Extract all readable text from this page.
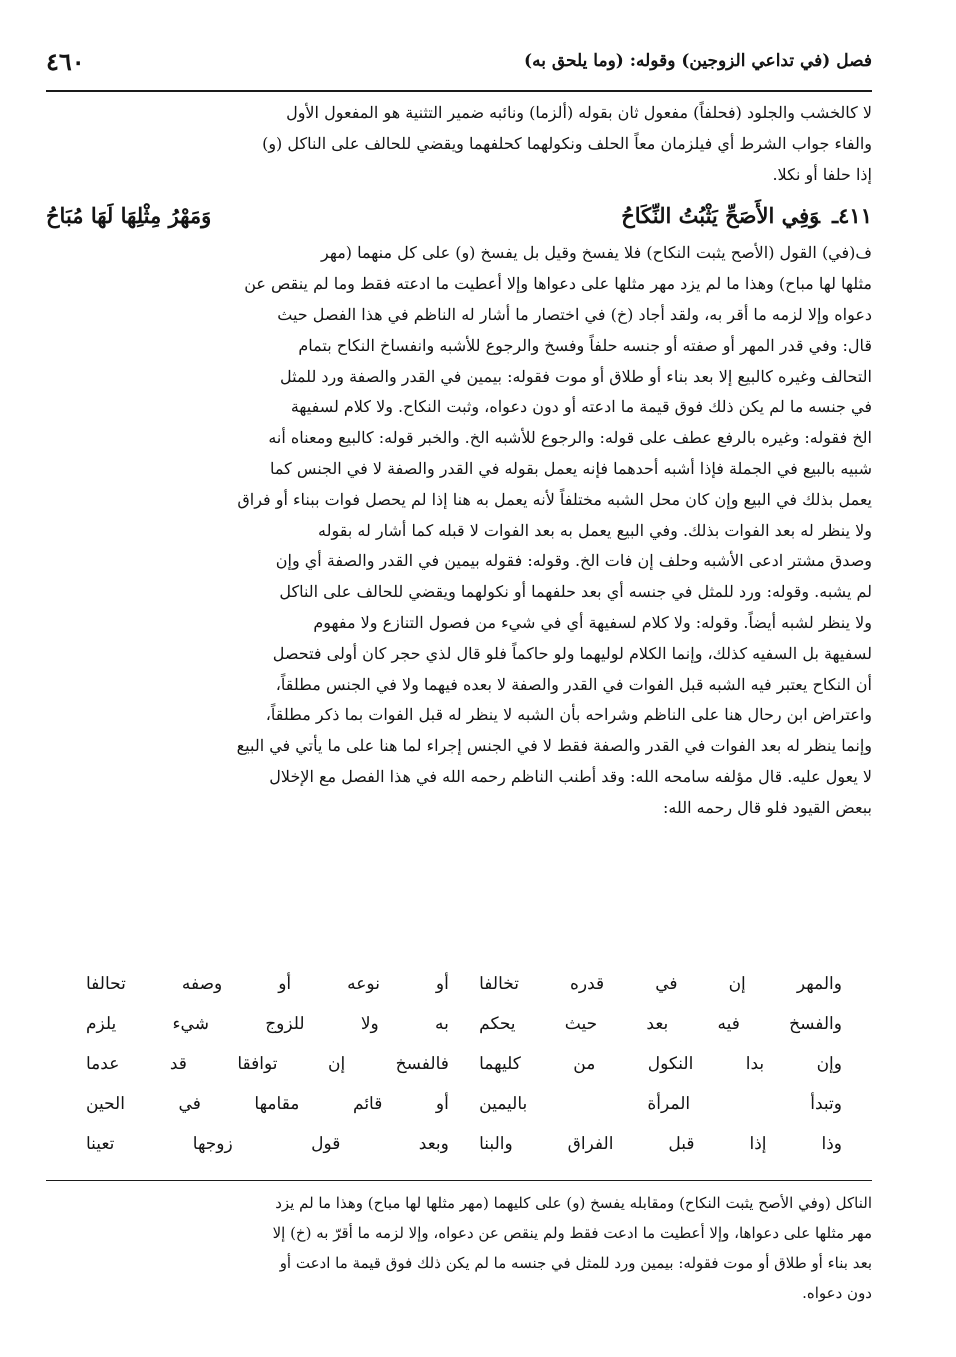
فصل (في تداعي الزوجين) وقوله: (وما يلحق به)
٤٦٠

لا كالخشب والجلود (فحلفاً) مفعول ثان بقوله (ألزما) ونائبه ضمير التثنية هو المفعول الأول

والفاء جواب الشرط أي فيلزمان معاً الحلف ونكولهما كحلفهما ويقضي للحالف على الناكل (و)

إذا حلفا أو نكلا.

٤١١ـوَفِي الأَصَحِّ يَثْبُتُ النِّكَاحُ
وَمَهْرُ مِثْلِهَا لَهَا مُبَاحُ

ف(في) القول (الأصح يثبت النكاح) فلا يفسخ وقيل بل يفسخ (و) على كل منهما (مهر

مثلها لها مباح) وهذا ما لم يزد مهر مثلها على دعواها وإلا أعطيت ما ادعته فقط وما لم ينقص عن

دعواه وإلا لزمه ما أقر به، ولقد أجاد (خ) في اختصار ما أشار له الناظم في هذا الفصل حيث

قال: وفي قدر المهر أو صفته أو جنسه حلفاً وفسخ والرجوع للأشبه وانفساخ النكاح بتمام

التحالف وغيره كالبيع إلا بعد بناء أو طلاق أو موت فقوله: بيمين في القدر والصفة ورد للمثل

في جنسه ما لم يكن ذلك فوق قيمة ما ادعته أو دون دعواه، وثبت النكاح. ولا كلام لسفيهة

الخ فقوله: وغيره بالرفع عطف على قوله: والرجوع للأشبه الخ. والخبر قوله: كالبيع ومعناه أنه

شبيه بالبيع في الجملة فإذا أشبه أحدهما فإنه يعمل بقوله في القدر والصفة لا في الجنس كما

يعمل بذلك في البيع وإن كان محل الشبه مختلفاً لأنه يعمل به هنا إذا لم يحصل فوات ببناء أو فراق

ولا ينظر له بعد الفوات بذلك. وفي البيع يعمل به بعد الفوات لا قبله كما أشار له بقوله

وصدق مشتر ادعى الأشبه وحلف إن فات الخ. وقوله: فقوله بيمين في القدر والصفة أي وإن

لم يشبه. وقوله: ورد للمثل في جنسه أي بعد حلفهما أو نكولهما ويقضي للحالف على الناكل

ولا ينظر لشبه أيضاً. وقوله: ولا كلام لسفيهة أي في شيء من فصول التنازع ولا مفهوم

لسفيهة بل السفيه كذلك، وإنما الكلام لوليهما ولو حاكماً فلو قال لذي حجر كان أولى فتحصل

أن النكاح يعتبر فيه الشبه قبل الفوات في القدر والصفة لا بعده فيهما ولا في الجنس مطلقاً،

واعتراض ابن رحال هنا على الناظم وشراحه بأن الشبه لا ينظر له قبل الفوات بما ذكر مطلقاً،

وإنما ينظر له بعد الفوات في القدر والصفة فقط لا في الجنس إجراء لما هنا على ما يأتي في البيع

لا يعول عليه. قال مؤلفه سامحه الله: وقد أطنب الناظم رحمه الله في هذا الفصل مع الإخلال

ببعض القيود فلو قال رحمه الله:

والمهر إن في قدره تخالفا
أو نوعه أو وصفه تحالفا
والفسخ فيه بعد حيث يحكم
به ولا للزوج شيء يلزم
وإن بدا النكول من كليهما
فالفسخ إن توافقا قد عدما
وتبدأ المرأة باليمين
أو قائم مقامها في الحين
وذا إذا قبل الفراق والبنا
وبعد قول زوجها تعينا

الناكل (وفي الأصح يثبت النكاح) ومقابله يفسخ (و) على كليهما (مهر مثلها لها مباح) وهذا ما لم يزد

مهر مثلها على دعواها، وإلا أعطيت ما ادعت فقط ولم ينقص عن دعواه، وإلا لزمه ما أقرّ به (خ) إلا

بعد بناء أو طلاق أو موت فقوله: بيمين ورد للمثل في جنسه ما لم يكن ذلك فوق قيمة ما ادعت أو

دون دعواه.
